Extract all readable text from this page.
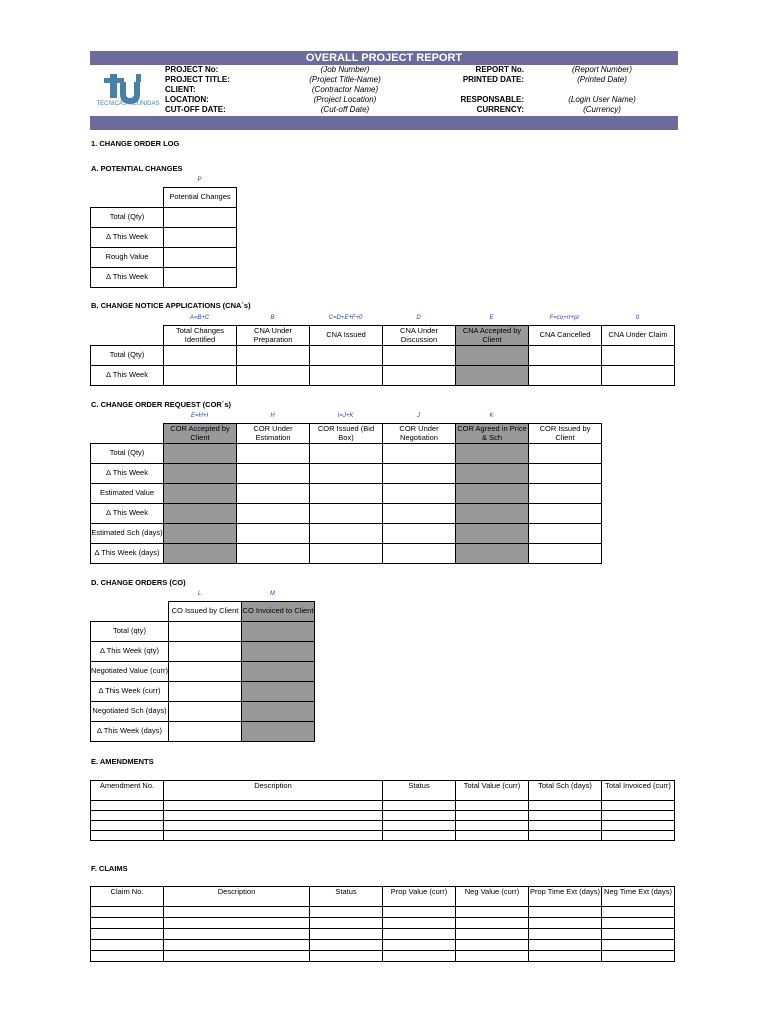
OVERALL PROJECT REPORT
TECNICAS REUNIDAS
PROJECT No:	(Job Number)
PROJECT TITLE:	(Project Title-Name)
CLIENT:	(Contractor Name)
LOCATION:	(Project Location)
CUT-OFF DATE:	(Cut-off Date)
REPORT No.	(Report Number)
PRINTED DATE:	(Printed Date)
RESPONSABLE:	(Login User Name)
CURRENCY:	(Currency)
1. CHANGE ORDER LOG
A. POTENTIAL CHANGES
B. CHANGE NOTICE APPLICATIONS (CNA´s)
C. CHANGE ORDER REQUEST (COR´s)
D. CHANGE ORDERS (CO)
E. AMENDMENTS
F. CLAIMS
P
	Potential Changes
Total (Qty)	
Δ This Week	
Rough Value	
Δ This Week	
A=B+C	B	C=D+E+F+0	D	E	F=co+rr+pr	0
	Total Changes Identified	CNA Under Preparation	CNA Issued	CNA Under Discussion	CNA Accepted by Client	CNA Cancelled	CNA Under Claim
Total (Qty)							
Δ This Week							
E=H+I	H	I=J+K	J	K
	COR Accepted by Client	COR Under Estimation	COR Issued (Bid Box)	COR Under Negotiation	COR Agreed in Price & Sch	COR Issued by Client
Total (Qty)						
Δ This Week						
Estimated Value						
Δ This Week						
Estimated Sch (days)						
Δ This Week (days)						
L	M
	CO Issued by Client	CO Invoiced to Client
Total (qty)		
Δ This Week (qty)		
Negotiated Value (curr)		
Δ This Week (curr)		
Negotiated Sch (days)		
Δ This Week (days)		
Amendment No.	Description	Status	Total Value (curr)	Total Sch (days)	Total Invoiced (curr)

Claim No.	Description	Status	Prop Value (curr)	Neg Value (curr)	Prop Time Ext (days)	Neg Time Ext (days)
